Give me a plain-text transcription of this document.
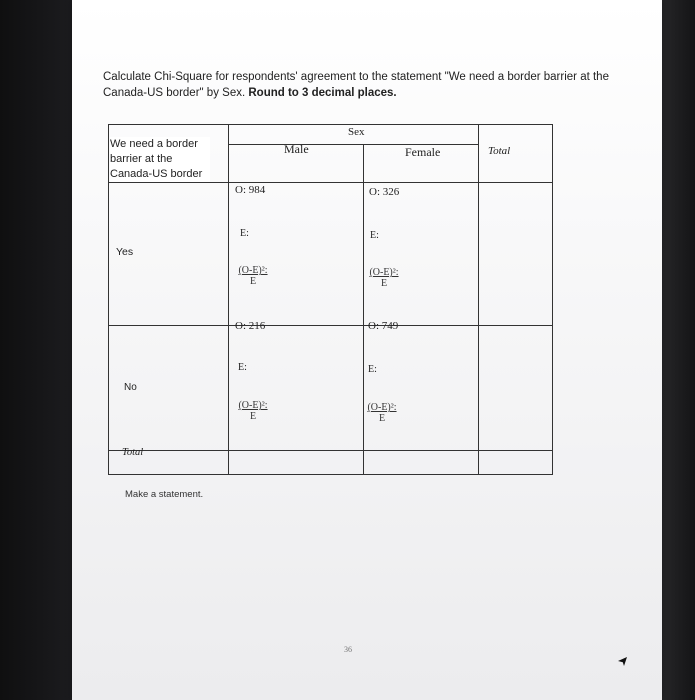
Calculate Chi-Square for respondents' agreement to the statement "We need a border barrier at the Canada-US border" by Sex. Round to 3 decimal places.
We need a border barrier at the Canada-US border
Sex
Male	Female	Total
Yes
O: 984
E:
$\frac{\text{(O-E)²:}}{E}$
O: 326
E:
$\frac{\text{(O-E)²:}}{E}$
No
O: 216
E:
$\frac{\text{(O-E)²:}}{E}$
O: 749
E:
$\frac{\text{(O-E)²:}}{E}$
Total
Make a statement.
36
